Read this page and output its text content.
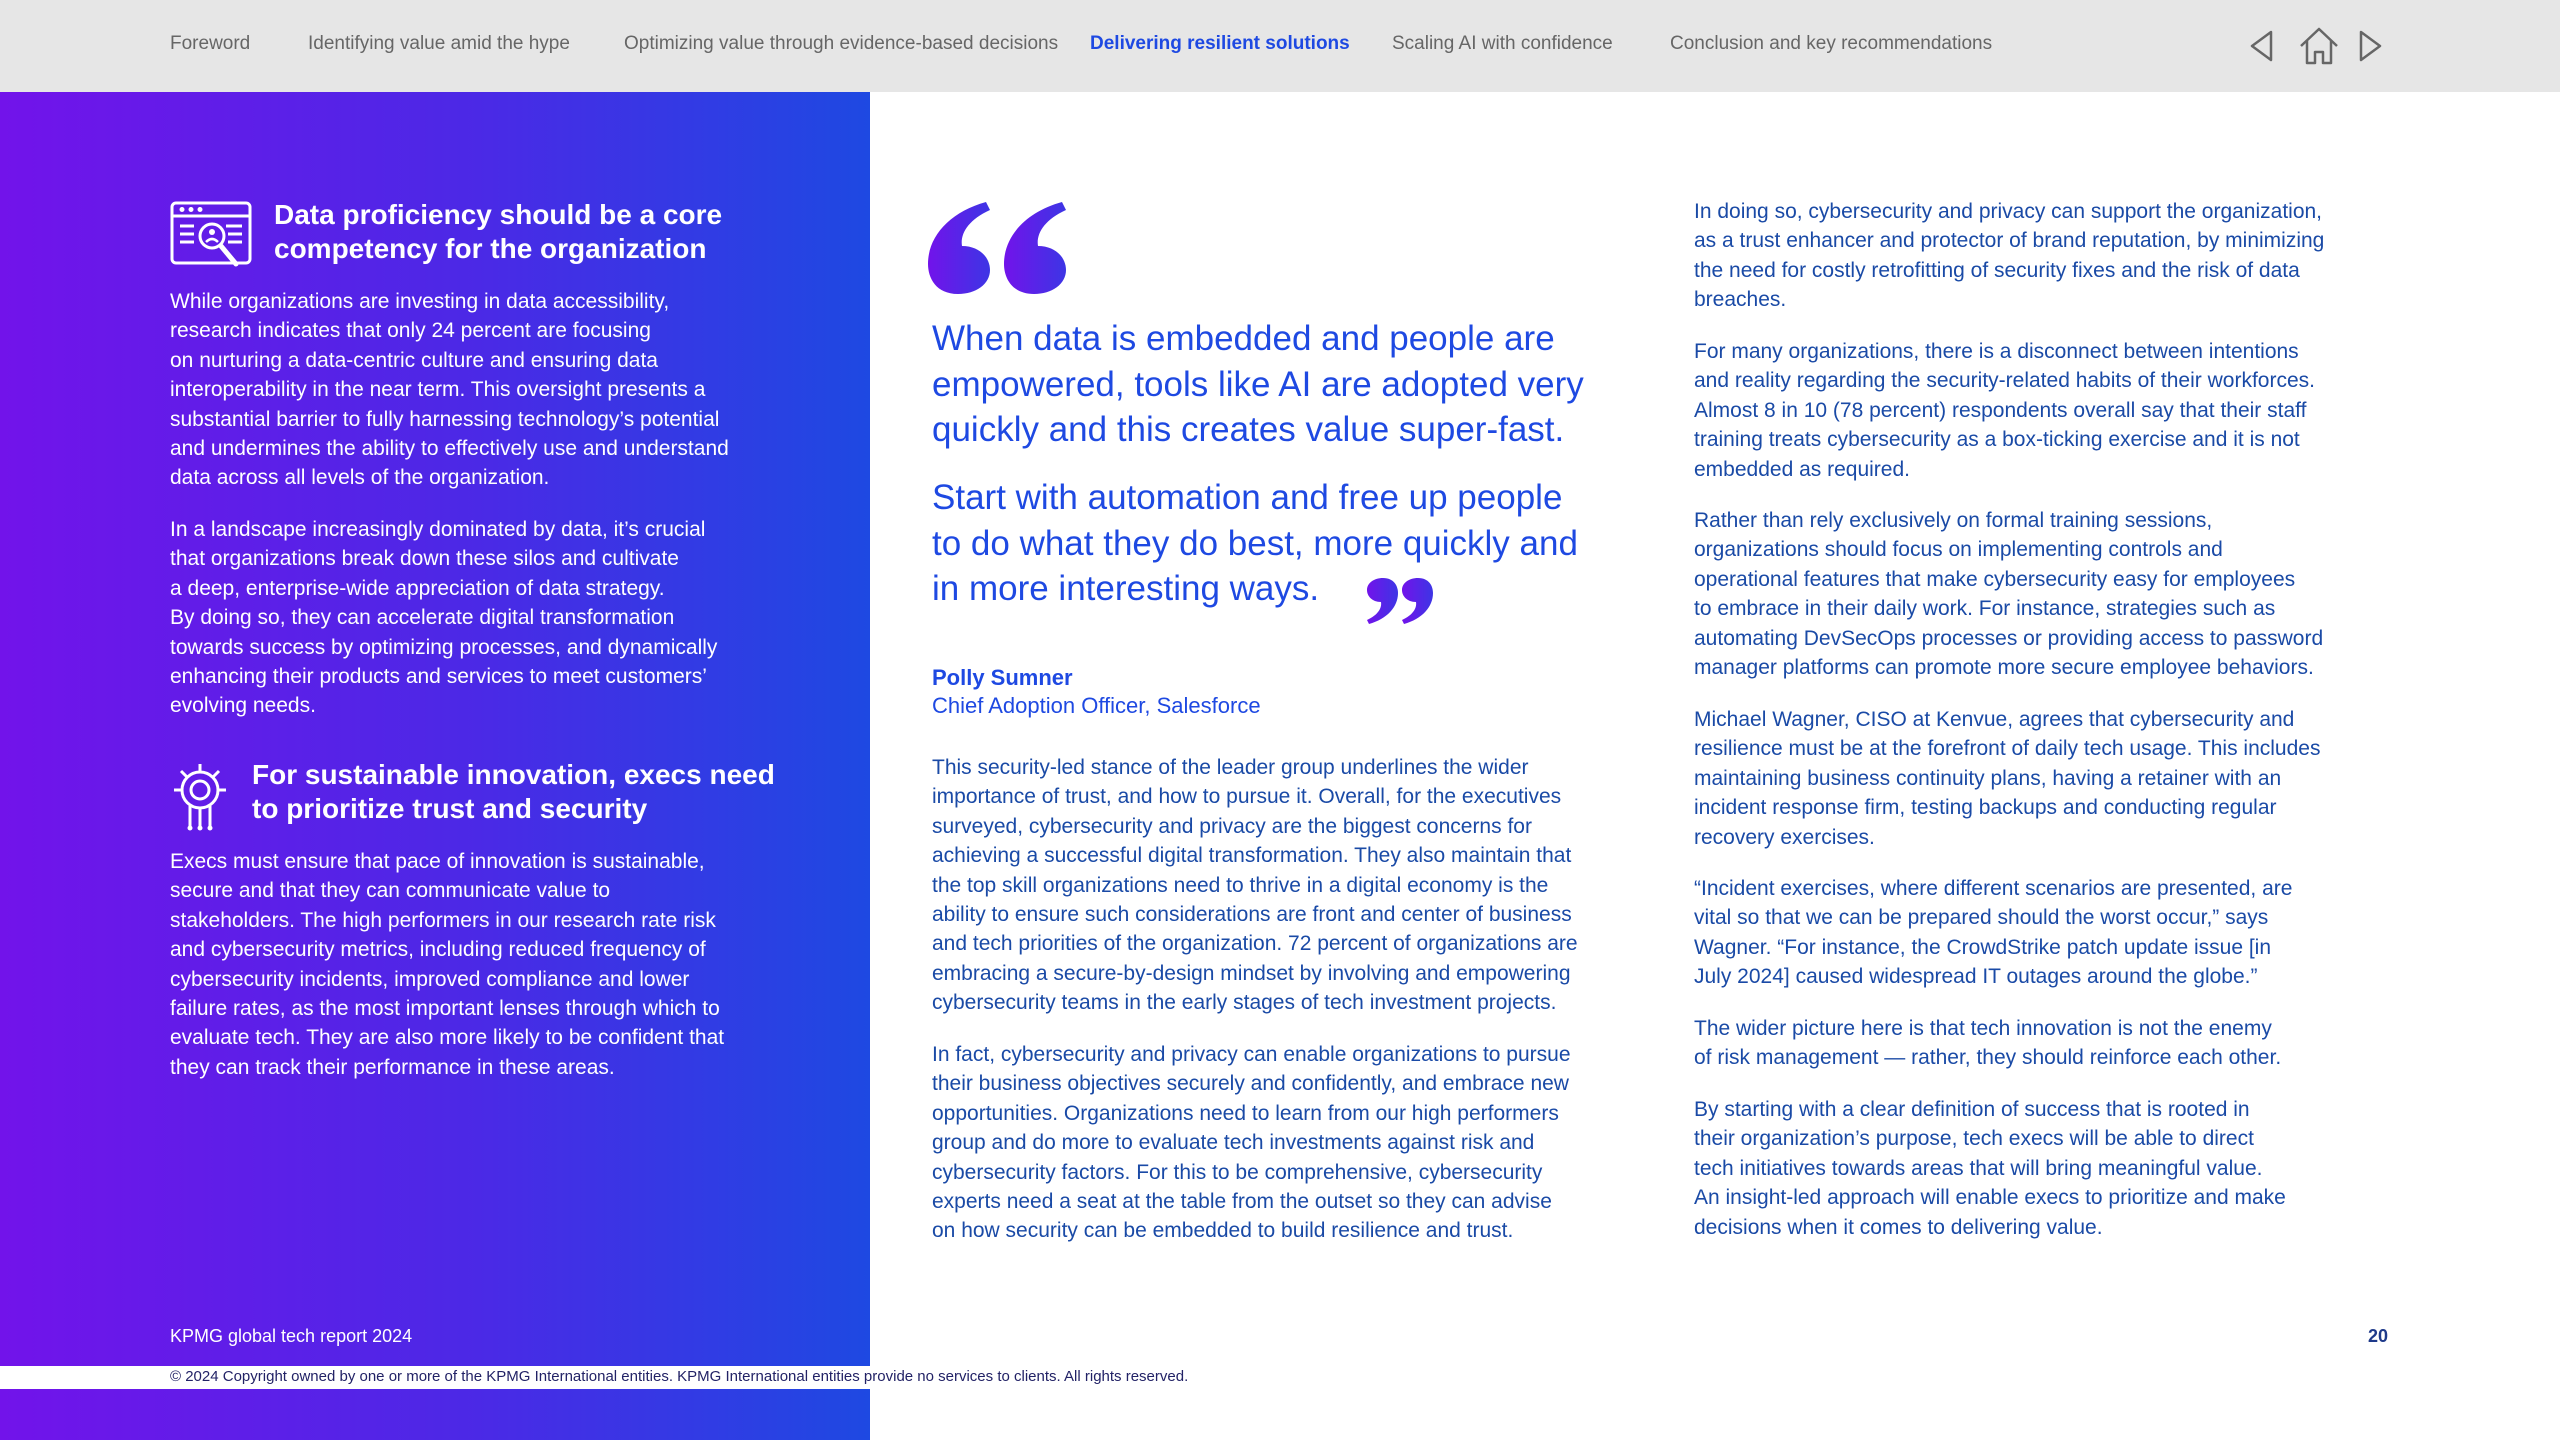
Foreword	Identifying value amid the hype	Optimizing value through evidence-based decisions Delivering resilient solutions Scaling AI with confidence	Conclusion and key recommendations
Data proficiency should be a core
competency for the organization
While organizations are investing in data accessibility,
research indicates that only 24 percent are focusing
on nurturing a data-centric culture and ensuring data
interoperability in the near term. This oversight presents a
substantial barrier to fully harnessing technology’s potential
and undermines the ability to effectively use and understand
data across all levels of the organization.
In a landscape increasingly dominated by data, it’s crucial
that organizations break down these silos and cultivate
a deep, enterprise-wide appreciation of data strategy.
By doing so, they can accelerate digital transformation
towards success by optimizing processes, and dynamically
enhancing their products and services to meet customers’
evolving needs.
For sustainable innovation, execs need
to prioritize trust and security
Execs must ensure that pace of innovation is sustainable,
secure and that they can communicate value to
stakeholders. The high performers in our research rate risk
and cybersecurity metrics, including reduced frequency of
cybersecurity incidents, improved compliance and lower
failure rates, as the most important lenses through which to
evaluate tech. They are also more likely to be confident that
they can track their performance in these areas.
KPMG global tech report 2024
© 2024 Copyright owned by one or more of the KPMG International entities. KPMG International entities provide no services to clients. All rights reserved.
When data is embedded and people are
empowered, tools like AI are adopted very
quickly and this creates value super-fast.
Start with automation and free up people
to do what they do best, more quickly and
in more interesting ways.
Polly Sumner
Chief Adoption Officer, Salesforce
This security-led stance of the leader group underlines the wider
importance of trust, and how to pursue it. Overall, for the executives
surveyed, cybersecurity and privacy are the biggest concerns for
achieving a successful digital transformation. They also maintain that
the top skill organizations need to thrive in a digital economy is the
ability to ensure such considerations are front and center of business
and tech priorities of the organization. 72 percent of organizations are
embracing a secure-by-design mindset by involving and empowering
cybersecurity teams in the early stages of tech investment projects.
In fact, cybersecurity and privacy can enable organizations to pursue
their business objectives securely and confidently, and embrace new
opportunities. Organizations need to learn from our high performers
group and do more to evaluate tech investments against risk and
cybersecurity factors. For this to be comprehensive, cybersecurity
experts need a seat at the table from the outset so they can advise
on how security can be embedded to build resilience and trust.
In doing so, cybersecurity and privacy can support the organization,
as a trust enhancer and protector of brand reputation, by minimizing
the need for costly retrofitting of security fixes and the risk of data
breaches.
For many organizations, there is a disconnect between intentions
and reality regarding the security-related habits of their workforces.
Almost 8 in 10 (78 percent) respondents overall say that their staff
training treats cybersecurity as a box-ticking exercise and it is not
embedded as required.
Rather than rely exclusively on formal training sessions,
organizations should focus on implementing controls and
operational features that make cybersecurity easy for employees
to embrace in their daily work. For instance, strategies such as
automating DevSecOps processes or providing access to password
manager platforms can promote more secure employee behaviors.
Michael Wagner, CISO at Kenvue, agrees that cybersecurity and
resilience must be at the forefront of daily tech usage. This includes
maintaining business continuity plans, having a retainer with an
incident response firm, testing backups and conducting regular
recovery exercises.
“Incident exercises, where different scenarios are presented, are
vital so that we can be prepared should the worst occur,” says
Wagner. “For instance, the CrowdStrike patch update issue [in
July 2024] caused widespread IT outages around the globe.”
The wider picture here is that tech innovation is not the enemy
of risk management — rather, they should reinforce each other.
By starting with a clear definition of success that is rooted in
their organization’s purpose, tech execs will be able to direct
tech initiatives towards areas that will bring meaningful value.
An insight-led approach will enable execs to prioritize and make
decisions when it comes to delivering value.
20
